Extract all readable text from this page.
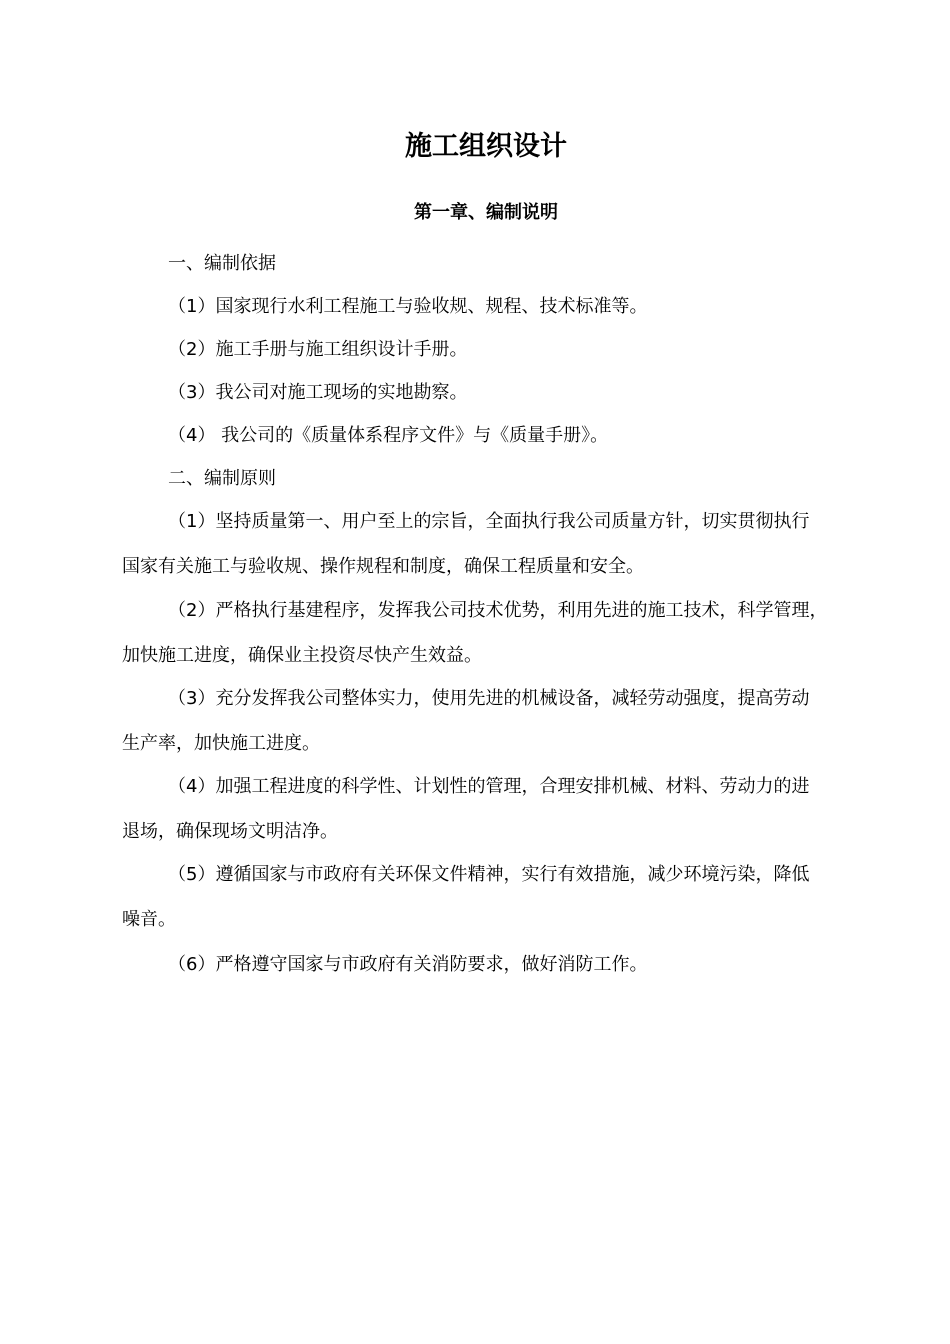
施工组织设计
第一章、编制说明

一、编制依据

（1）国家现行水利工程施工与验收规、规程、技术标准等。

（2）施工手册与施工组织设计手册。

（3）我公司对施工现场的实地勘察。

（4） 我公司的《质量体系程序文件》与《质量手册》。

二、编制原则

（1）坚持质量第一、用户至上的宗旨，全面执行我公司质量方针，切实贯彻执行

国家有关施工与验收规、操作规程和制度，确保工程质量和安全。

（2）严格执行基建程序，发挥我公司技术优势，利用先进的施工技术，科学管理，

加快施工进度，确保业主投资尽快产生效益。

（3）充分发挥我公司整体实力，使用先进的机械设备，减轻劳动强度，提高劳动

生产率，加快施工进度。

（4）加强工程进度的科学性、计划性的管理，合理安排机械、材料、劳动力的进

退场，确保现场文明洁净。

（5）遵循国家与市政府有关环保文件精神，实行有效措施，减少环境污染，降低

噪音。

（6）严格遵守国家与市政府有关消防要求，做好消防工作。
